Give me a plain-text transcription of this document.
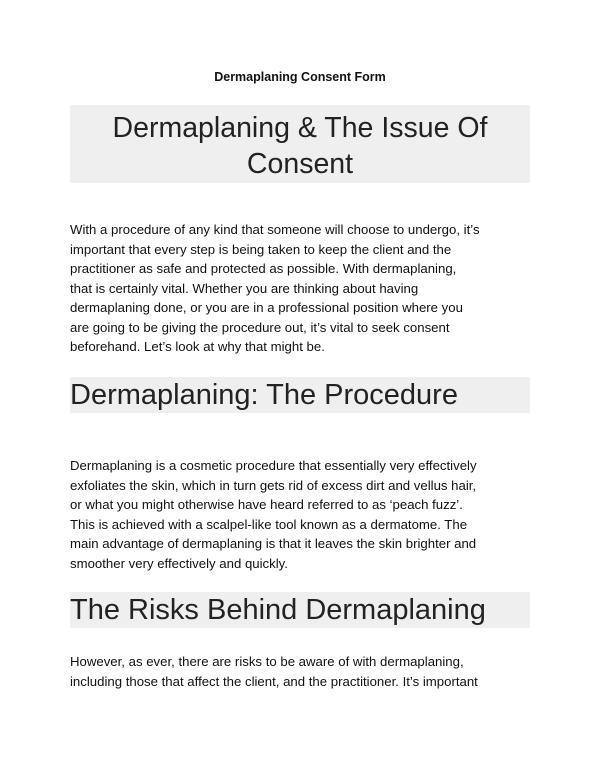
Dermaplaning Consent Form
Dermaplaning & The Issue Of
Consent

With a procedure of any kind that someone will choose to undergo, it’s
important that every step is being taken to keep the client and the
practitioner as safe and protected as possible. With dermaplaning,
that is certainly vital. Whether you are thinking about having
dermaplaning done, or you are in a professional position where you
are going to be giving the procedure out, it’s vital to seek consent
beforehand. Let’s look at why that might be.

Dermaplaning: The Procedure

Dermaplaning is a cosmetic procedure that essentially very effectively
exfoliates the skin, which in turn gets rid of excess dirt and vellus hair,
or what you might otherwise have heard referred to as ‘peach fuzz’.
This is achieved with a scalpel-like tool known as a dermatome. The
main advantage of dermaplaning is that it leaves the skin brighter and
smoother very effectively and quickly.

The Risks Behind Dermaplaning

However, as ever, there are risks to be aware of with dermaplaning,
including those that affect the client, and the practitioner. It’s important
